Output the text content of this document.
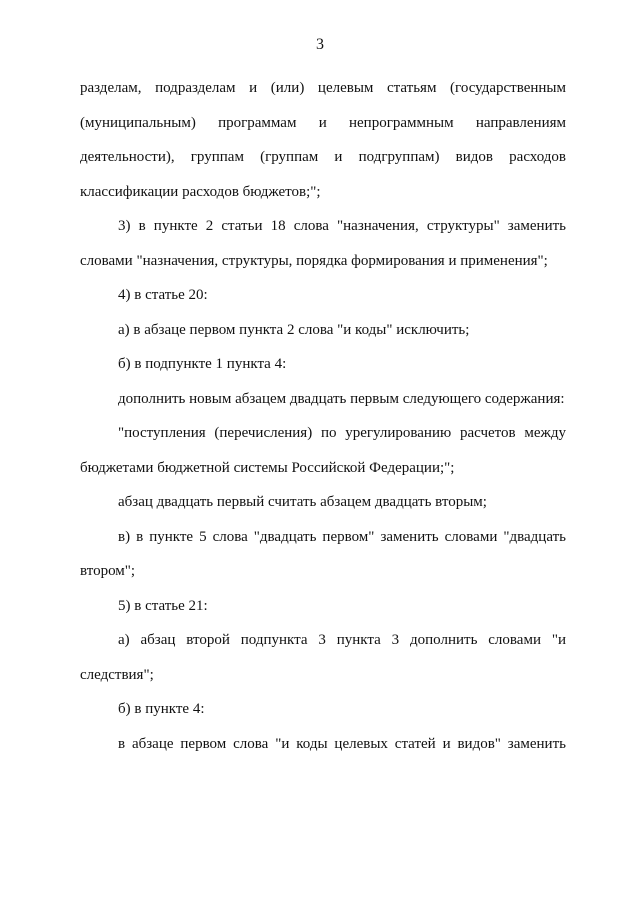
3

разделам, подразделам и (или) целевым статьям (государственным (муниципальным) программам и непрограммным направлениям деятельности), группам (группам и подгруппам) видов расходов классификации расходов бюджетов;";

3) в пункте 2 статьи 18 слова "назначения, структуры" заменить словами "назначения, структуры, порядка формирования и применения";

4) в статье 20:

а) в абзаце первом пункта 2 слова "и коды" исключить;

б) в подпункте 1 пункта 4:

дополнить новым абзацем двадцать первым следующего содержания:

"поступления (перечисления) по урегулированию расчетов между бюджетами бюджетной системы Российской Федерации;";

абзац двадцать первый считать абзацем двадцать вторым;

в) в пункте 5 слова "двадцать первом" заменить словами "двадцать втором";

5) в статье 21:

а) абзац второй подпункта 3 пункта 3 дополнить словами "и следствия";

б) в пункте 4:

в абзаце первом слова "и коды целевых статей и видов" заменить
